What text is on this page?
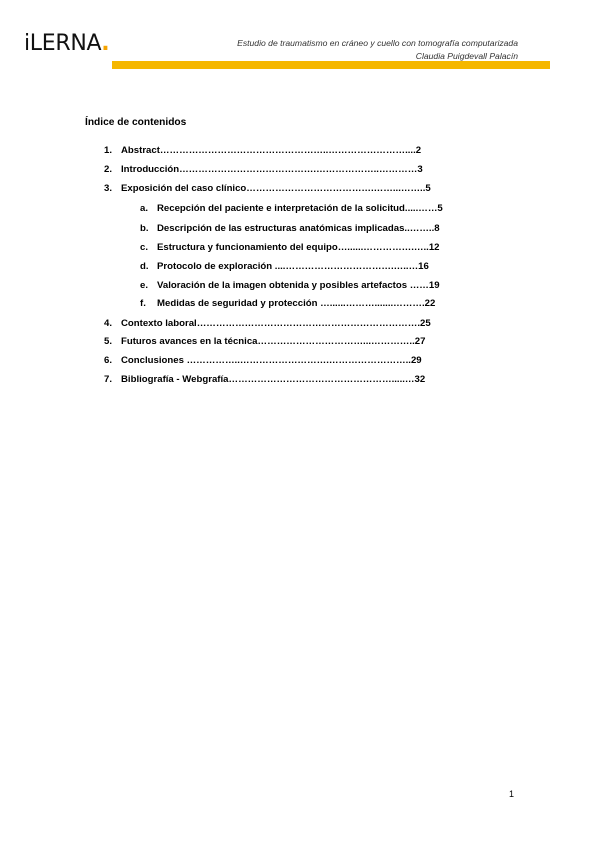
iLERNA.	Estudio de traumatismo en cráneo y cuello con tomografía computarizada
Claudia Puigdevall Palacín
Índice de contenidos
1. Abstract……………………………………………..……………………....2
2. Introducción…………………………………….………………..…………3
3. Exposición del caso clínico………………………………….……...……..5
a. Recepción del paciente e interpretación de la solicitud.....……5
b. Descripción de las estructuras anatómicas implicadas..……..8
c. Estructura y funcionamiento del equipo…......…………….…..12
d. Protocolo de exploración ....…………………………….…..…16
e. Valoración de la imagen obtenida y posibles artefactos ……19
f.	Medidas de seguridad y protección …......……….......……….22
4. Contexto laboral…………………………………………………………….25
5. Futuros avances en la técnica……………………………...…………..27
6. Conclusiones ……………..……………………….……………………..29
7. Bibliografía - Webgrafía…………………………………………….....…32
1
